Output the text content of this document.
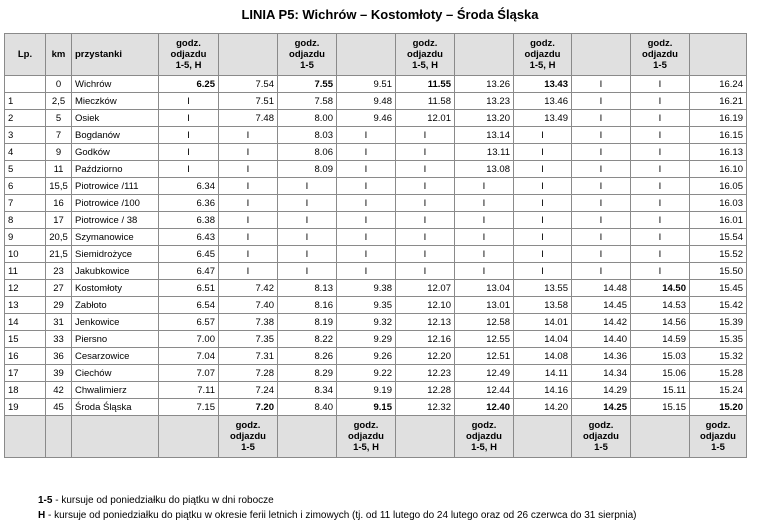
LINIA P5: Wichrów – Kostomłoty – Środa Śląska
Lp.	km	przystanki	godz.
odjazdu
1-5, H		godz.
odjazdu
1-5		godz.
odjazdu
1-5, H		godz.
odjazdu
1-5, H		godz.
odjazdu
1-5	
	0	Wichrów	6.25	7.54	7.55	9.51	11.55	13.26	13.43	I	I	16.24
1	2,5	Mieczków	I	7.51	7.58	9.48	11.58	13.23	13.46	I	I	16.21
2	5	Osiek	I	7.48	8.00	9.46	12.01	13.20	13.49	I	I	16.19
3	7	Bogdanów	I	I	8.03	I	I	13.14	I	I	I	16.15
4	9	Godków	I	I	8.06	I	I	13.11	I	I	I	16.13
5	11	Paździorno	I	I	8.09	I	I	13.08	I	I	I	16.10
6	15,5	Piotrowice /111	6.34	I	I	I	I	I	I	I	I	16.05
7	16	Piotrowice /100	6.36	I	I	I	I	I	I	I	I	16.03
8	17	Piotrowice / 38	6.38	I	I	I	I	I	I	I	I	16.01
9	20,5	Szymanowice	6.43	I	I	I	I	I	I	I	I	15.54
10	21,5	Siemidrożyce	6.45	I	I	I	I	I	I	I	I	15.52
11	23	Jakubkowice	6.47	I	I	I	I	I	I	I	I	15.50
12	27	Kostomłoty	6.51	7.42	8.13	9.38	12.07	13.04	13.55	14.48	14.50	15.45
13	29	Zabłoto	6.54	7.40	8.16	9.35	12.10	13.01	13.58	14.45	14.53	15.42
14	31	Jenkowice	6.57	7.38	8.19	9.32	12.13	12.58	14.01	14.42	14.56	15.39
15	33	Piersno	7.00	7.35	8.22	9.29	12.16	12.55	14.04	14.40	14.59	15.35
16	36	Cesarzowice	7.04	7.31	8.26	9.26	12.20	12.51	14.08	14.36	15.03	15.32
17	39	Ciechów	7.07	7.28	8.29	9.22	12.23	12.49	14.11	14.34	15.06	15.28
18	42	Chwalimierz	7.11	7.24	8.34	9.19	12.28	12.44	14.16	14.29	15.11	15.24
19	45	Środa Śląska	7.15	7.20	8.40	9.15	12.32	12.40	14.20	14.25	15.15	15.20
				godz.
odjazdu
1-5		godz.
odjazdu
1-5, H		godz.
odjazdu
1-5, H		godz.
odjazdu
1-5		godz.
odjazdu
1-5
1-5 - kursuje od poniedziałku do piątku w dni robocze
H - kursuje od poniedziałku do piątku w okresie ferii letnich i zimowych (tj. od 11 lutego do 24 lutego oraz od 26 czerwca do 31 sierpnia)
